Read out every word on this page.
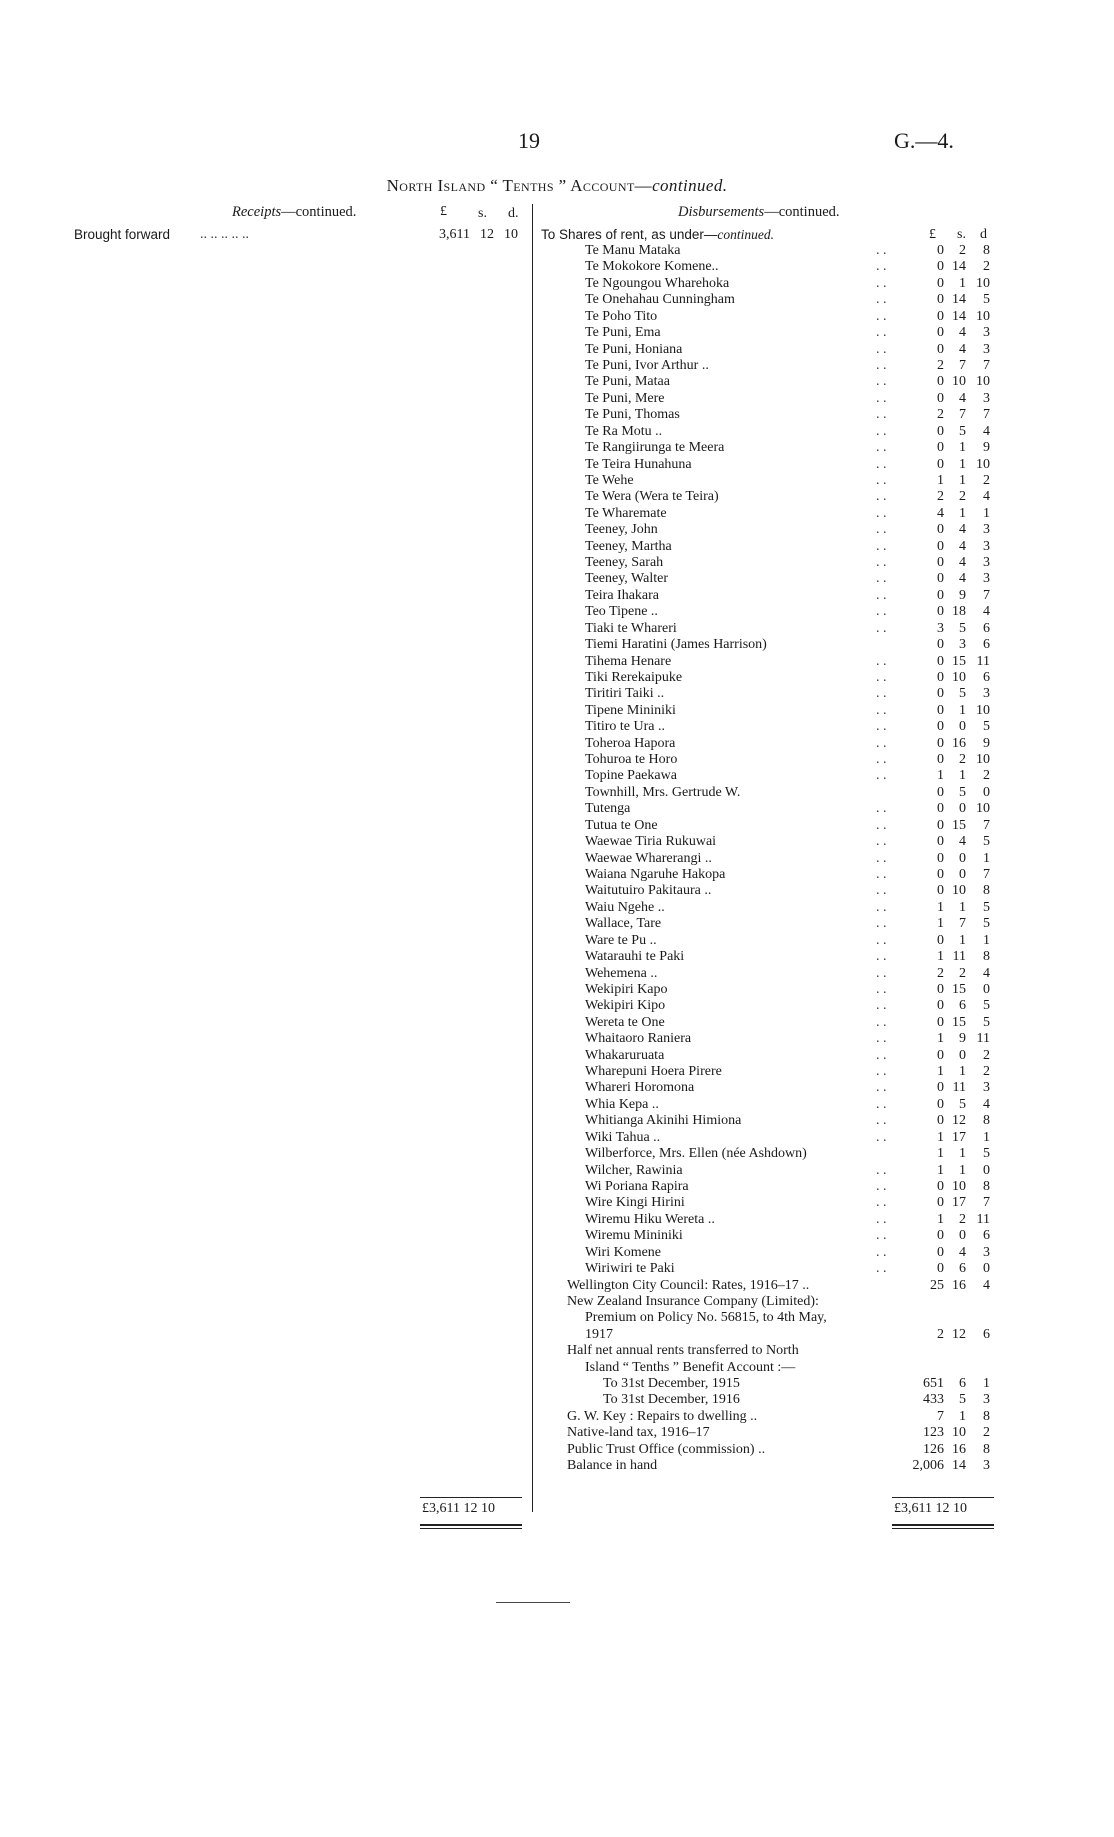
19	G.—4.
North Island “ Tenths ” Account—continued.
Receipts—continued.	£ s. d.
Brought forward .. .. .. .. ..	3,611 12 10
Disbursements—continued.
To Shares of rent, as under—continued.	£ s. d
Te Manu Mataka	. .	0	2	8
Te Mokokore Komene..	. .	0 14	2
Te Ngoungou Wharehoka	. .	0	1 10
Te Onehahau Cunningham	. .	0 14	5
Te Poho Tito	. .	0 14 10
Te Puni, Ema	. .	0	4	3
Te Puni, Honiana	. .	0	4	3
Te Puni, Ivor Arthur ..	. .	2	7	7
Te Puni, Mataa	. .	0 10 10
Te Puni, Mere	. .	0	4	3
Te Puni, Thomas	. .	2	7	7
Te Ra Motu ..	. .	0	5	4
Te Rangiirunga te Meera	. .	0	1	9
Te Teira Hunahuna	. .	0	1 10
Te Wehe	. .	1	1	2
Te Wera (Wera te Teira)	. .	2	2	4
Te Wharemate	. .	4	1	1
Teeney, John	. .	0	4	3
Teeney, Martha	. .	0	4	3
Teeney, Sarah	. .	0	4	3
Teeney, Walter	. .	0	4	3
Teira Ihakara	. .	0	9	7
Teo Tipene ..	. .	0 18	4
Tiaki te Whareri	. .	3	5	6
Tiemi Haratini (James Harrison)	0	3	6
Tihema Henare	. .	0 15 11
Tiki Rerekaipuke	. .	0 10	6
Tiritiri Taiki ..	. .	0	5	3
Tipene Mininiki	. .	0	1 10
Titiro te Ura ..	. .	0	0	5
Toheroa Hapora	. .	0 16	9
Tohuroa te Horo	. .	0	2 10
Topine Paekawa	. .	1	1	2
Townhill, Mrs. Gertrude W.	0	5	0
Tutenga	. .	0	0 10
Tutua te One	. .	0 15	7
Waewae Tiria Rukuwai	. .	0	4	5
Waewae Wharerangi ..	. .	0	0	1
Waiana Ngaruhe Hakopa	. .	0	0	7
Waitutuiro Pakitaura ..	. .	0 10	8
Waiu Ngehe ..	. .	1	1	5
Wallace, Tare	. .	1	7	5
Ware te Pu ..	. .	0	1	1
Watarauhi te Paki	. .	1 11	8
Wehemena ..	. .	2	2	4
Wekipiri Kapo	. .	0 15	0
Wekipiri Kipo	. .	0	6	5
Wereta te One	. .	0 15	5
Whaitaoro Raniera	. .	1	9 11
Whakaruruata	. .	0	0	2
Wharepuni Hoera Pirere	. .	1	1	2
Whareri Horomona	. .	0 11	3
Whia Kepa ..	. .	0	5	4
Whitianga Akinihi Himiona	. .	0 12	8
Wiki Tahua ..	. .	1 17	1
Wilberforce, Mrs. Ellen (née Ashdown)	1	1	5
Wilcher, Rawinia	. .	1	1	0
Wi Poriana Rapira	. .	0 10	8
Wire Kingi Hirini	. .	0 17	7
Wiremu Hiku Wereta ..	. .	1	2 11
Wiremu Mininiki	. .	0	0	6
Wiri Komene	. .	0	4	3
Wiriwiri te Paki	. .	0	6	0
Wellington City Council: Rates, 1916–17 ..	25 16	4
New Zealand Insurance Company (Limited):
Premium on Policy No. 56815, to 4th May,
1917	2 12	6
Half net annual rents transferred to North
Island “ Tenths ” Benefit Account :—
To 31st December, 1915	651	6	1
To 31st December, 1916	433	5	3
G. W. Key : Repairs to dwelling ..	7	1	8
Native-land tax, 1916–17	123 10	2
Public Trust Office (commission) ..	126 16	8
Balance in hand	2,006 14	3
£3,611 12 10	£3,611 12 10
